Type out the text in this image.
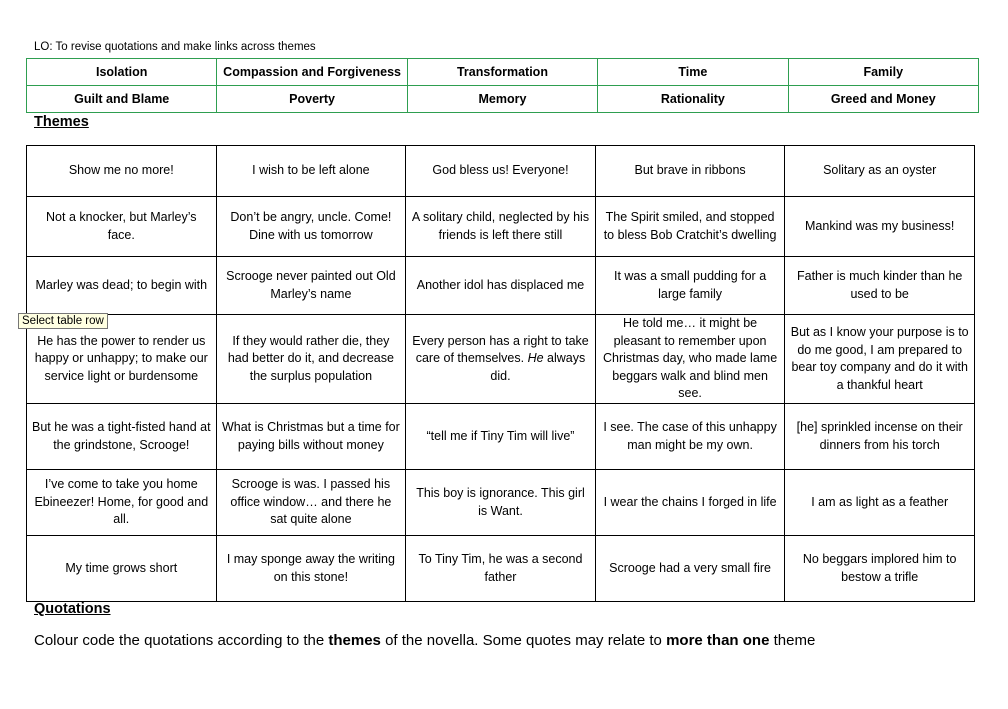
LO: To revise quotations and make links across themes
Isolation	Compassion and Forgiveness	Transformation	Time	Family
Guilt and Blame	Poverty	Memory	Rationality	Greed and Money
Themes
Show me no more!	I wish to be left alone	God bless us! Everyone!	But brave in ribbons	Solitary as an oyster
Not a knocker, but Marley’s face.	Don’t be angry, uncle. Come! Dine with us tomorrow	A solitary child, neglected by his friends is left there still	The Spirit smiled, and stopped to bless Bob Cratchit’s dwelling	Mankind was my business!
Marley was dead; to begin with	Scrooge never painted out Old Marley’s name	Another idol has displaced me	It was a small pudding for a large family	Father is much kinder than he used to be
He has the power to render us happy or unhappy; to make our service light or burdensome	If they would rather die, they had better do it, and decrease the surplus population	Every person has a right to take care of themselves. He always did.	He told me… it might be pleasant to remember upon Christmas day, who made lame beggars walk and blind men see.	But as I know your purpose is to do me good, I am prepared to bear toy company and do it with a thankful heart
But he was a tight-fisted hand at the grindstone, Scrooge!	What is Christmas but a time for paying bills without money	“tell me if Tiny Tim will live”	I see. The case of this unhappy man might be my own.	[he] sprinkled incense on their dinners from his torch
I’ve come to take you home Ebineezer! Home, for good and all.	Scrooge is was. I passed his office window… and there he sat quite alone	This boy is ignorance. This girl is Want.	I wear the chains I forged in life	I am as light as a feather
My time grows short	I may sponge away the writing on this stone!	To Tiny Tim, he was a second father	Scrooge had a very small fire	No beggars implored him to bestow a trifle
Quotations
Colour code the quotations according to the themes of the novella. Some quotes may relate to more than one theme
Select table row
